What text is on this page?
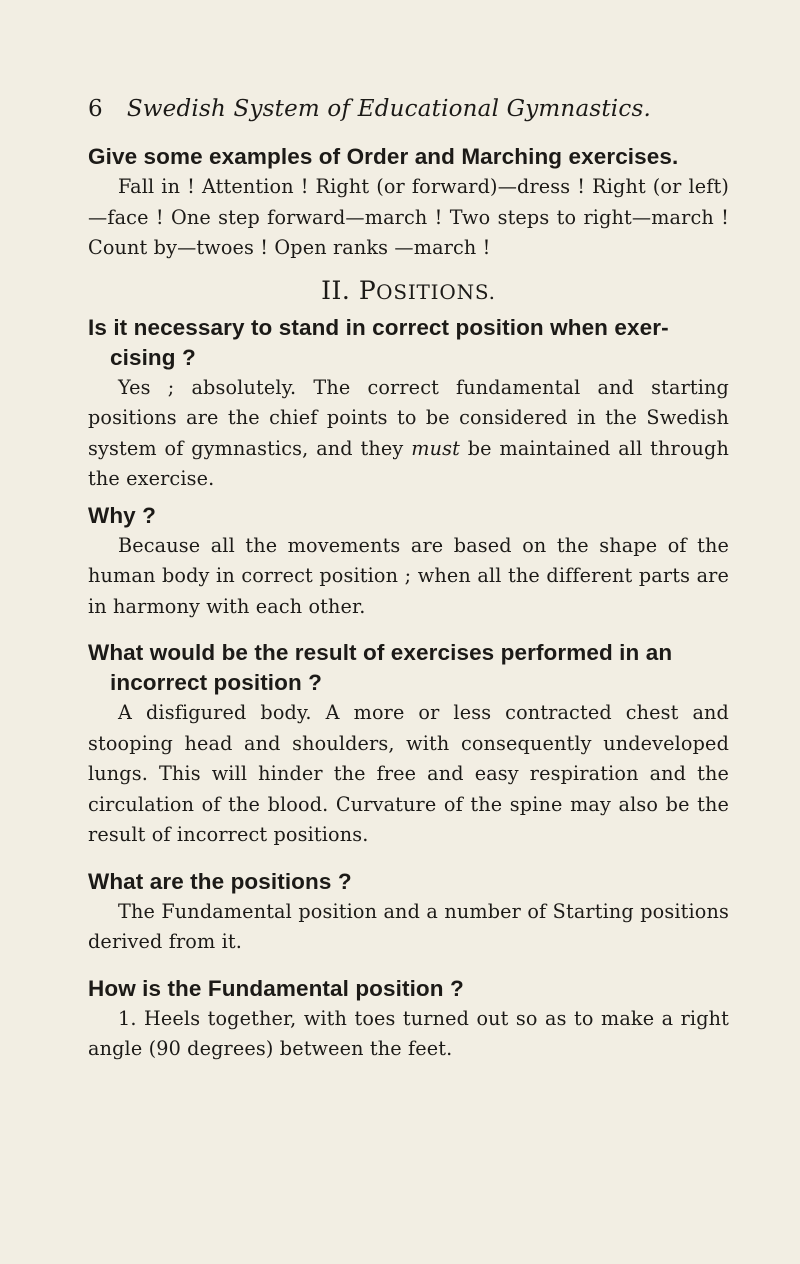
6 Swedish System of Educational Gymnastics.

Give some examples of Order and Marching exercises.

Fall in ! Attention ! Right (or forward)—dress ! Right (or left)—face ! One step forward—march ! Two steps to right—march ! Count by—twoes ! Open ranks —march !

II. POSITIONS.

Is it necessary to stand in correct position when exer- cising ?

Yes ; absolutely. The correct fundamental and starting positions are the chief points to be considered in the Swedish system of gymnastics, and they must be maintained all through the exercise.

Why ?

Because all the movements are based on the shape of the human body in correct position ; when all the different parts are in harmony with each other.

What would be the result of exercises performed in an incorrect position ?

A disfigured body. A more or less contracted chest and stooping head and shoulders, with consequently undeveloped lungs. This will hinder the free and easy respiration and the circulation of the blood. Curvature of the spine may also be the result of incorrect positions.

What are the positions ?

The Fundamental position and a number of Starting positions derived from it.

How is the Fundamental position ?

1. Heels together, with toes turned out so as to make a right angle (90 degrees) between the feet.
